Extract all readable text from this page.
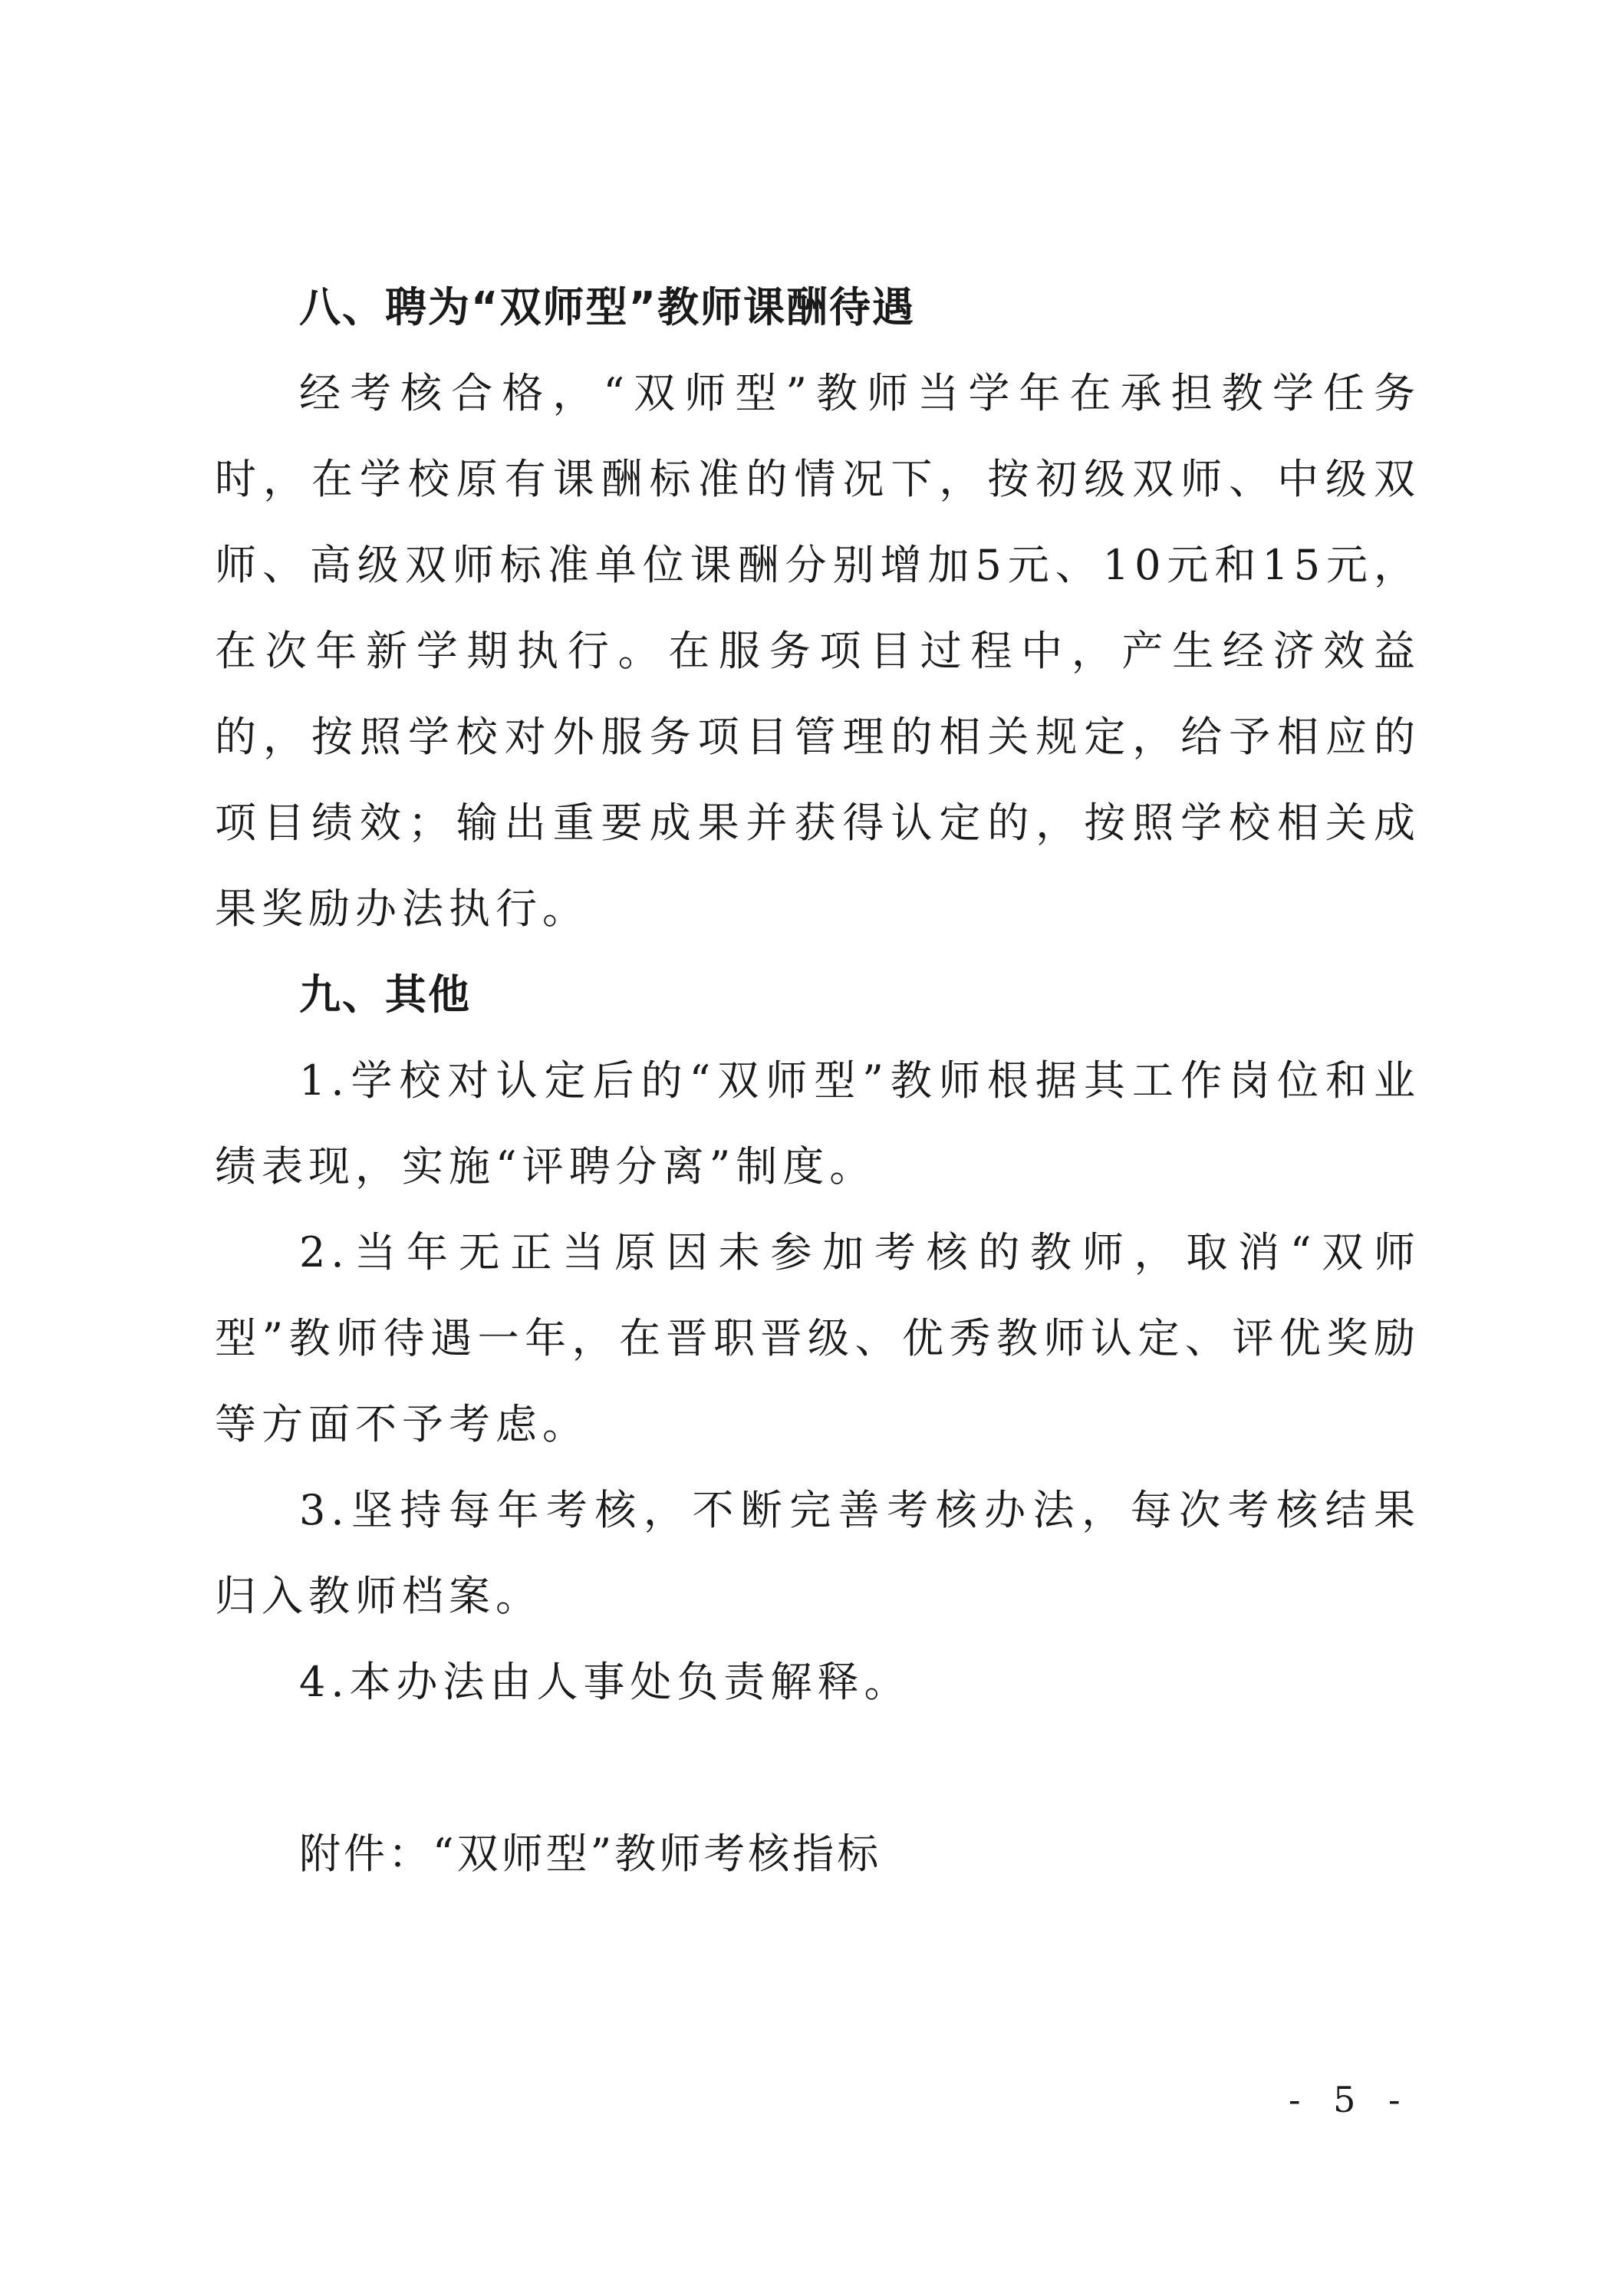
八、聘为“双师型”教师课酬待遇

经考核合格，“双师型”教师当学年在承担教学任务时，在学校原有课酬标准的情况下，按初级双师、中级双师、高级双师标准单位课酬分别增加5元、10元和15元，在次年新学期执行。在服务项目过程中，产生经济效益的，按照学校对外服务项目管理的相关规定，给予相应的项目绩效；输出重要成果并获得认定的，按照学校相关成果奖励办法执行。

九、其他

1.学校对认定后的“双师型”教师根据其工作岗位和业绩表现，实施“评聘分离”制度。

2.当年无正当原因未参加考核的教师，取消“双师型”教师待遇一年，在晋职晋级、优秀教师认定、评优奖励等方面不予考虑。

3.坚持每年考核，不断完善考核办法，每次考核结果归入教师档案。

4.本办法由人事处负责解释。

附件：“双师型”教师考核指标

- 5 -
